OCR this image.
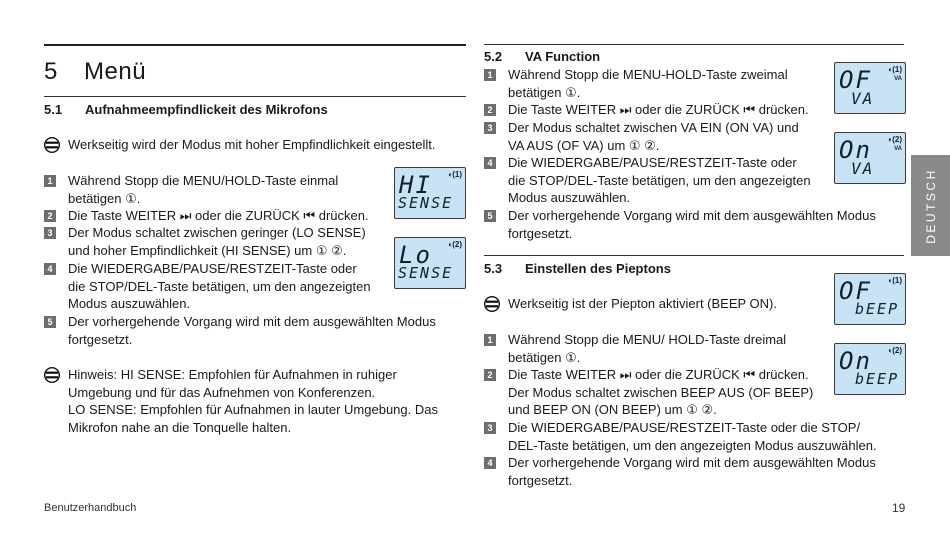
5 Menü
5.1 Aufnahmeempfindlickeit des Mikrofons
Werkseitig wird der Modus mit hoher Empfindlichkeit eingestellt.
1 Während Stopp die MENU/HOLD-Taste einmal
betätigen ①.
2 Die Taste WEITER ⏭ oder die ZURÜCK ⏮ drücken.
3 Der Modus schaltet zwischen geringer (LO SENSE)
und hoher Empfindlichkeit (HI SENSE) um ① ②.
4 Die WIEDERGABE/PAUSE/RESTZEIT-Taste oder
die STOP/DEL-Taste betätigen, um den angezeigten
Modus auszuwählen.
5 Der vorhergehende Vorgang wird mit dem ausgewählten Modus
fortgesetzt.
HI
SENSE
◖(1)
Lo
SENSE
◖(2)
Hinweis: HI SENSE: Empfohlen für Aufnahmen in ruhiger
Umgebung und für das Aufnehmen von Konferenzen.
LO SENSE: Empfohlen für Aufnahmen in lauter Umgebung. Das
Mikrofon nahe an die Tonquelle halten.
5.2 VA Function
1 Während Stopp die MENU-HOLD-Taste zweimal
betätigen ①.
2 Die Taste WEITER ⏭ oder die ZURÜCK ⏮ drücken.
3 Der Modus schaltet zwischen VA EIN (ON VA) und
VA AUS (OF VA) um ① ②.
4 Die WIEDERGABE/PAUSE/RESTZEIT-Taste oder
die STOP/DEL-Taste betätigen, um den angezeigten
Modus auszuwählen.
5 Der vorhergehende Vorgang wird mit dem ausgewählten Modus
fortgesetzt.
OF
VA
◖(1)
VA
On
VA
◖(2)
VA
5.3 Einstellen des Pieptons
Werkseitig ist der Piepton aktiviert (BEEP ON).
1 Während Stopp die MENU/ HOLD-Taste dreimal
betätigen ①.
2 Die Taste WEITER ⏭ oder die ZURÜCK ⏮ drücken.
Der Modus schaltet zwischen BEEP AUS (OF BEEP)
und BEEP ON (ON BEEP) um ① ②.
3 Die WIEDERGABE/PAUSE/RESTZEIT-Taste oder die STOP/
DEL-Taste betätigen, um den angezeigten Modus auszuwählen.
4 Der vorhergehende Vorgang wird mit dem ausgewählten Modus
fortgesetzt.
OF
bEEP
◖(1)
On
bEEP
◖(2)
DEUTSCH
Benutzerhandbuch	19
